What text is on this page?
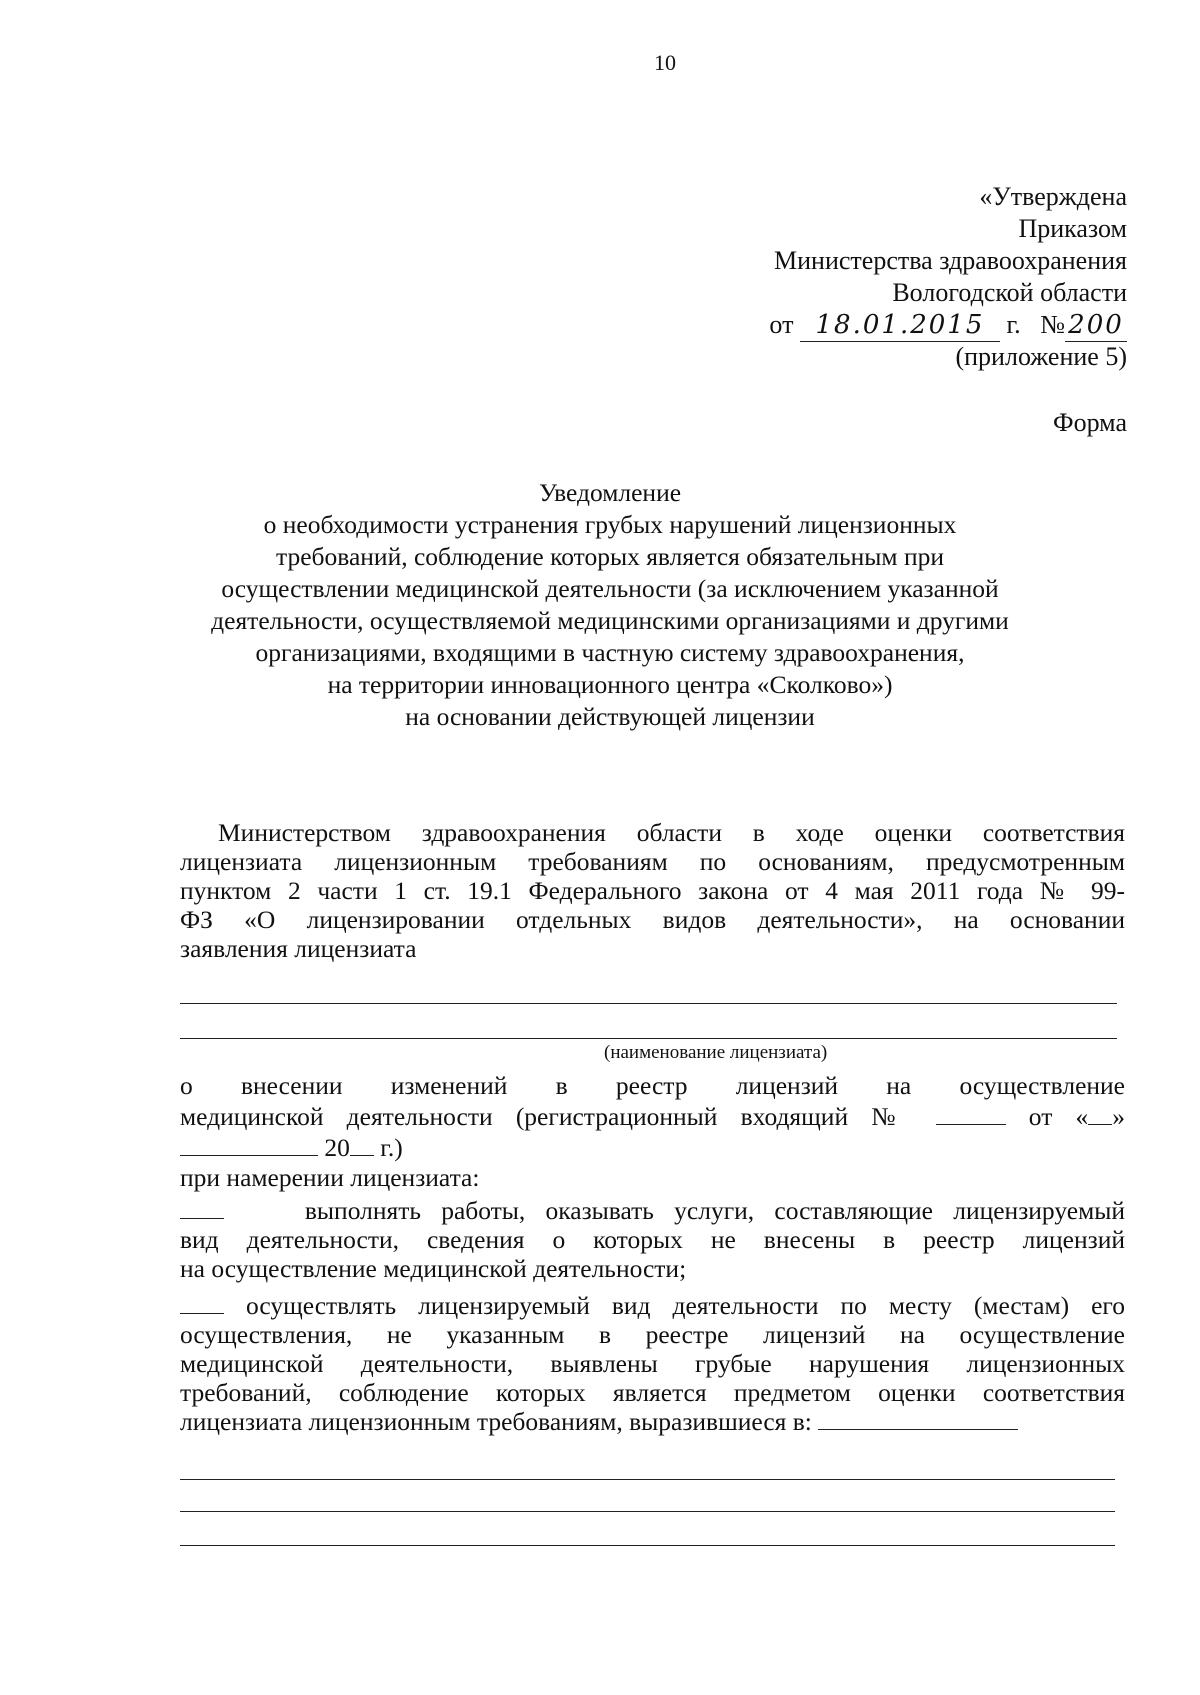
10
«Утверждена
Приказом
Министерства здравоохранения
Вологодской области
от 18.01.2015 г. № 200
(приложение 5)
Форма
Уведомление
о необходимости устранения грубых нарушений лицензионных
требований, соблюдение которых является обязательным при
осуществлении медицинской деятельности (за исключением указанной
деятельности, осуществляемой медицинскими организациями и другими
организациями, входящими в частную систему здравоохранения,
на территории инновационного центра «Сколково»)
на основании действующей лицензии
Министерством здравоохранения области в ходе оценки соответствия
лицензиата лицензионным требованиям по основаниям, предусмотренным
пунктом 2 части 1 ст. 19.1 Федерального закона от 4 мая 2011 года № 99-
ФЗ «О лицензировании отдельных видов деятельности», на основании
заявления лицензиата
(наименование лицензиата)
о внесении изменений в реестр лицензий на осуществление
медицинской деятельности (регистрационный входящий №	от « »
20 г.)
при намерении лицензиата:
выполнять работы, оказывать услуги, составляющие лицензируемый
вид деятельности, сведения о которых не внесены в реестр лицензий
на осуществление медицинской деятельности;
осуществлять лицензируемый вид деятельности по месту (местам) его
осуществления, не указанным в реестре лицензий на осуществление
медицинской деятельности, выявлены грубые нарушения лицензионных
требований, соблюдение которых является предметом оценки соответствия
лицензиата лицензионным требованиям, выразившиеся в:
